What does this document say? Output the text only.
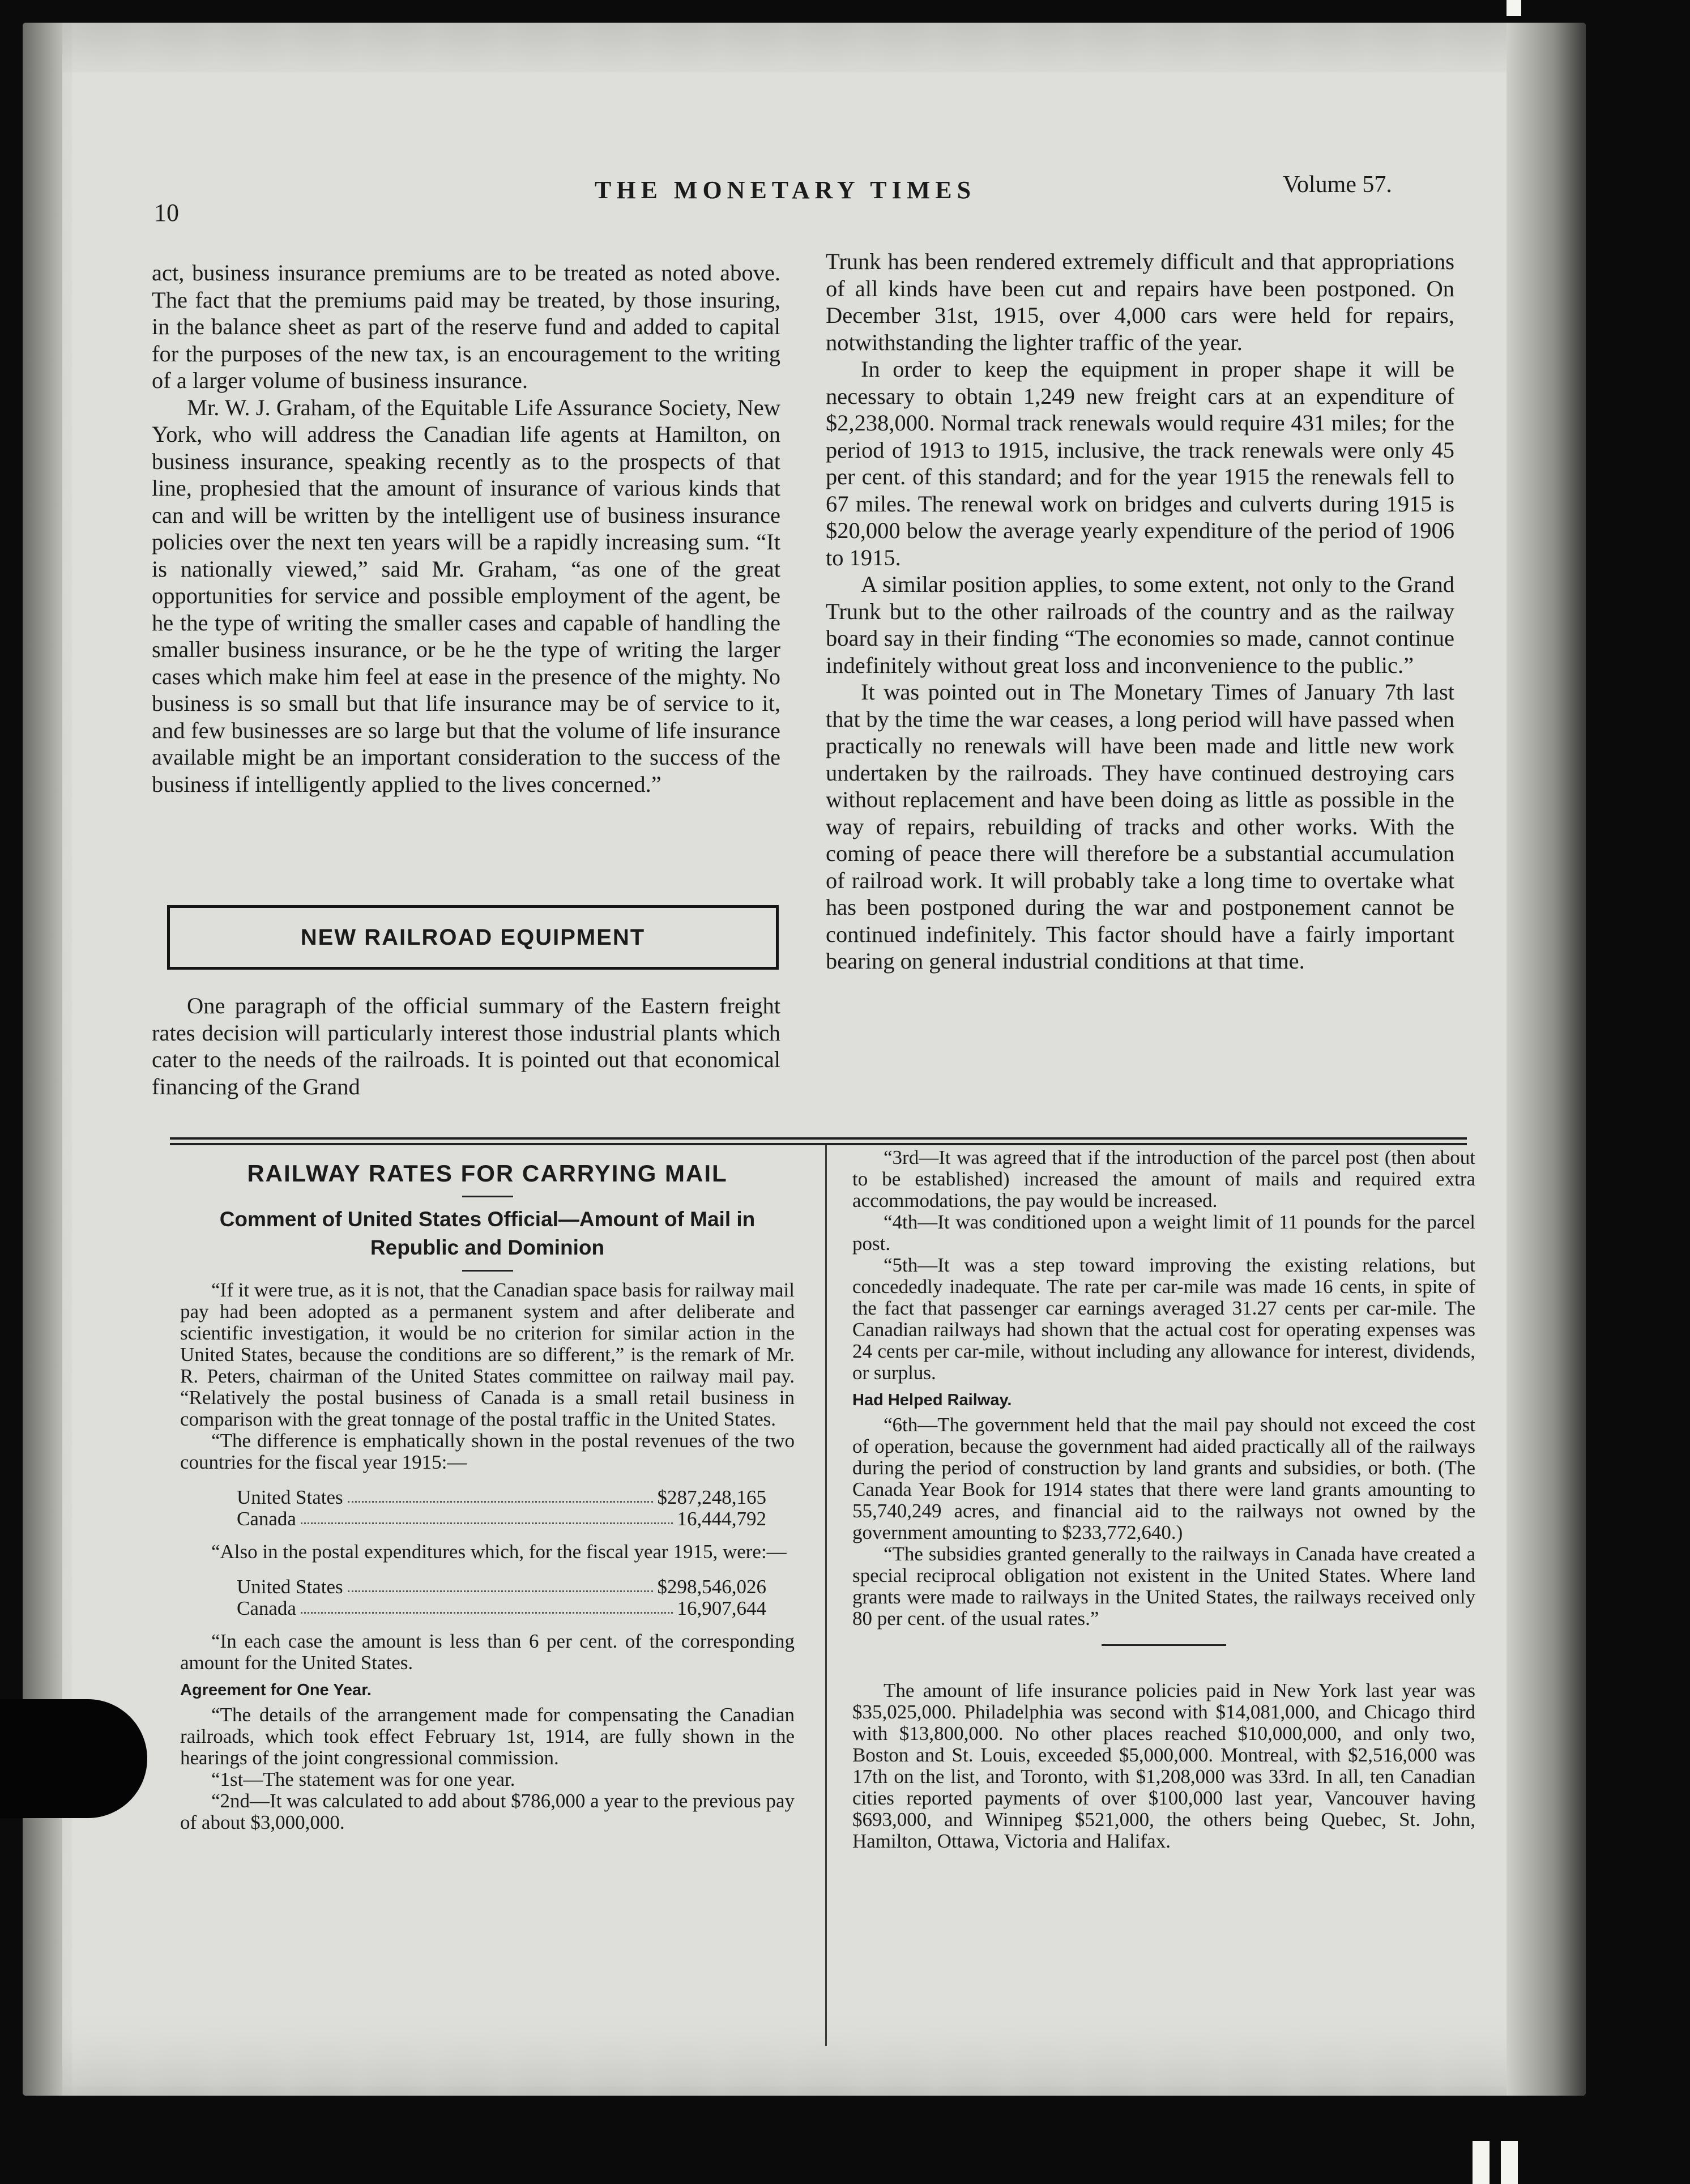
10
THE MONETARY TIMES	Volume 57.

act, business insurance premiums are to be treated as noted above. The fact that the premiums paid may be treated, by those insuring, in the balance sheet as part of the reserve fund and added to capital for the purposes of the new tax, is an encouragement to the writing of a larger volume of business insurance.

Mr. W. J. Graham, of the Equitable Life Assurance Society, New York, who will address the Canadian life agents at Hamilton, on business insurance, speaking recently as to the prospects of that line, prophesied that the amount of insurance of various kinds that can and will be written by the intelligent use of business insurance policies over the next ten years will be a rapidly increasing sum. “It is nationally viewed,” said Mr. Graham, “as one of the great opportunities for service and possible employment of the agent, be he the type of writing the smaller cases and capable of handling the smaller business insurance, or be he the type of writing the larger cases which make him feel at ease in the presence of the mighty. No business is so small but that life insurance may be of service to it, and few businesses are so large but that the volume of life insurance available might be an important consideration to the success of the business if intelligently applied to the lives concerned.”

NEW RAILROAD EQUIPMENT

One paragraph of the official summary of the Eastern freight rates decision will particularly interest those industrial plants which cater to the needs of the railroads. It is pointed out that economical financing of the Grand

Trunk has been rendered extremely difficult and that appropriations of all kinds have been cut and repairs have been postponed. On December 31st, 1915, over 4,000 cars were held for repairs, notwithstanding the lighter traffic of the year.

In order to keep the equipment in proper shape it will be necessary to obtain 1,249 new freight cars at an expenditure of $2,238,000. Normal track renewals would require 431 miles; for the period of 1913 to 1915, inclusive, the track renewals were only 45 per cent. of this standard; and for the year 1915 the renewals fell to 67 miles. The renewal work on bridges and culverts during 1915 is $20,000 below the average yearly expenditure of the period of 1906 to 1915.

A similar position applies, to some extent, not only to the Grand Trunk but to the other railroads of the country and as the railway board say in their finding “The economies so made, cannot continue indefinitely without great loss and inconvenience to the public.”

It was pointed out in The Monetary Times of January 7th last that by the time the war ceases, a long period will have passed when practically no renewals will have been made and little new work undertaken by the railroads. They have continued destroying cars without replacement and have been doing as little as possible in the way of repairs, rebuilding of tracks and other works. With the coming of peace there will therefore be a substantial accumulation of railroad work. It will probably take a long time to overtake what has been postponed during the war and postponement cannot be continued indefinitely. This factor should have a fairly important bearing on general industrial conditions at that time.

RAILWAY RATES FOR CARRYING MAIL
Comment of United States Official—Amount of Mail in Republic and Dominion

“If it were true, as it is not, that the Canadian space basis for railway mail pay had been adopted as a permanent system and after deliberate and scientific investigation, it would be no criterion for similar action in the United States, because the conditions are so different,” is the remark of Mr. R. Peters, chairman of the United States committee on railway mail pay. “Relatively the postal business of Canada is a small retail business in comparison with the great tonnage of the postal traffic in the United States.

“The difference is emphatically shown in the postal revenues of the two countries for the fiscal year 1915:—

United States	$287,248,165
Canada	16,444,792

“Also in the postal expenditures which, for the fiscal year 1915, were:—

United States	$298,546,026
Canada	16,907,644

“In each case the amount is less than 6 per cent. of the corresponding amount for the United States.

Agreement for One Year.

“The details of the arrangement made for compensating the Canadian railroads, which took effect February 1st, 1914, are fully shown in the hearings of the joint congressional commission.

“1st—The statement was for one year.

“2nd—It was calculated to add about $786,000 a year to the previous pay of about $3,000,000.

“3rd—It was agreed that if the introduction of the parcel post (then about to be established) increased the amount of mails and required extra accommodations, the pay would be increased.

“4th—It was conditioned upon a weight limit of 11 pounds for the parcel post.

“5th—It was a step toward improving the existing relations, but concededly inadequate. The rate per car-mile was made 16 cents, in spite of the fact that passenger car earnings averaged 31.27 cents per car-mile. The Canadian railways had shown that the actual cost for operating expenses was 24 cents per car-mile, without including any allowance for interest, dividends, or surplus.

Had Helped Railway.

“6th—The government held that the mail pay should not exceed the cost of operation, because the government had aided practically all of the railways during the period of construction by land grants and subsidies, or both. (The Canada Year Book for 1914 states that there were land grants amounting to 55,740,249 acres, and financial aid to the railways not owned by the government amounting to $233,772,640.)

“The subsidies granted generally to the railways in Canada have created a special reciprocal obligation not existent in the United States. Where land grants were made to railways in the United States, the railways received only 80 per cent. of the usual rates.”

The amount of life insurance policies paid in New York last year was $35,025,000. Philadelphia was second with $14,081,000, and Chicago third with $13,800,000. No other places reached $10,000,000, and only two, Boston and St. Louis, exceeded $5,000,000. Montreal, with $2,516,000 was 17th on the list, and Toronto, with $1,208,000 was 33rd. In all, ten Canadian cities reported payments of over $100,000 last year, Vancouver having $693,000, and Winnipeg $521,000, the others being Quebec, St. John, Hamilton, Ottawa, Victoria and Halifax.
